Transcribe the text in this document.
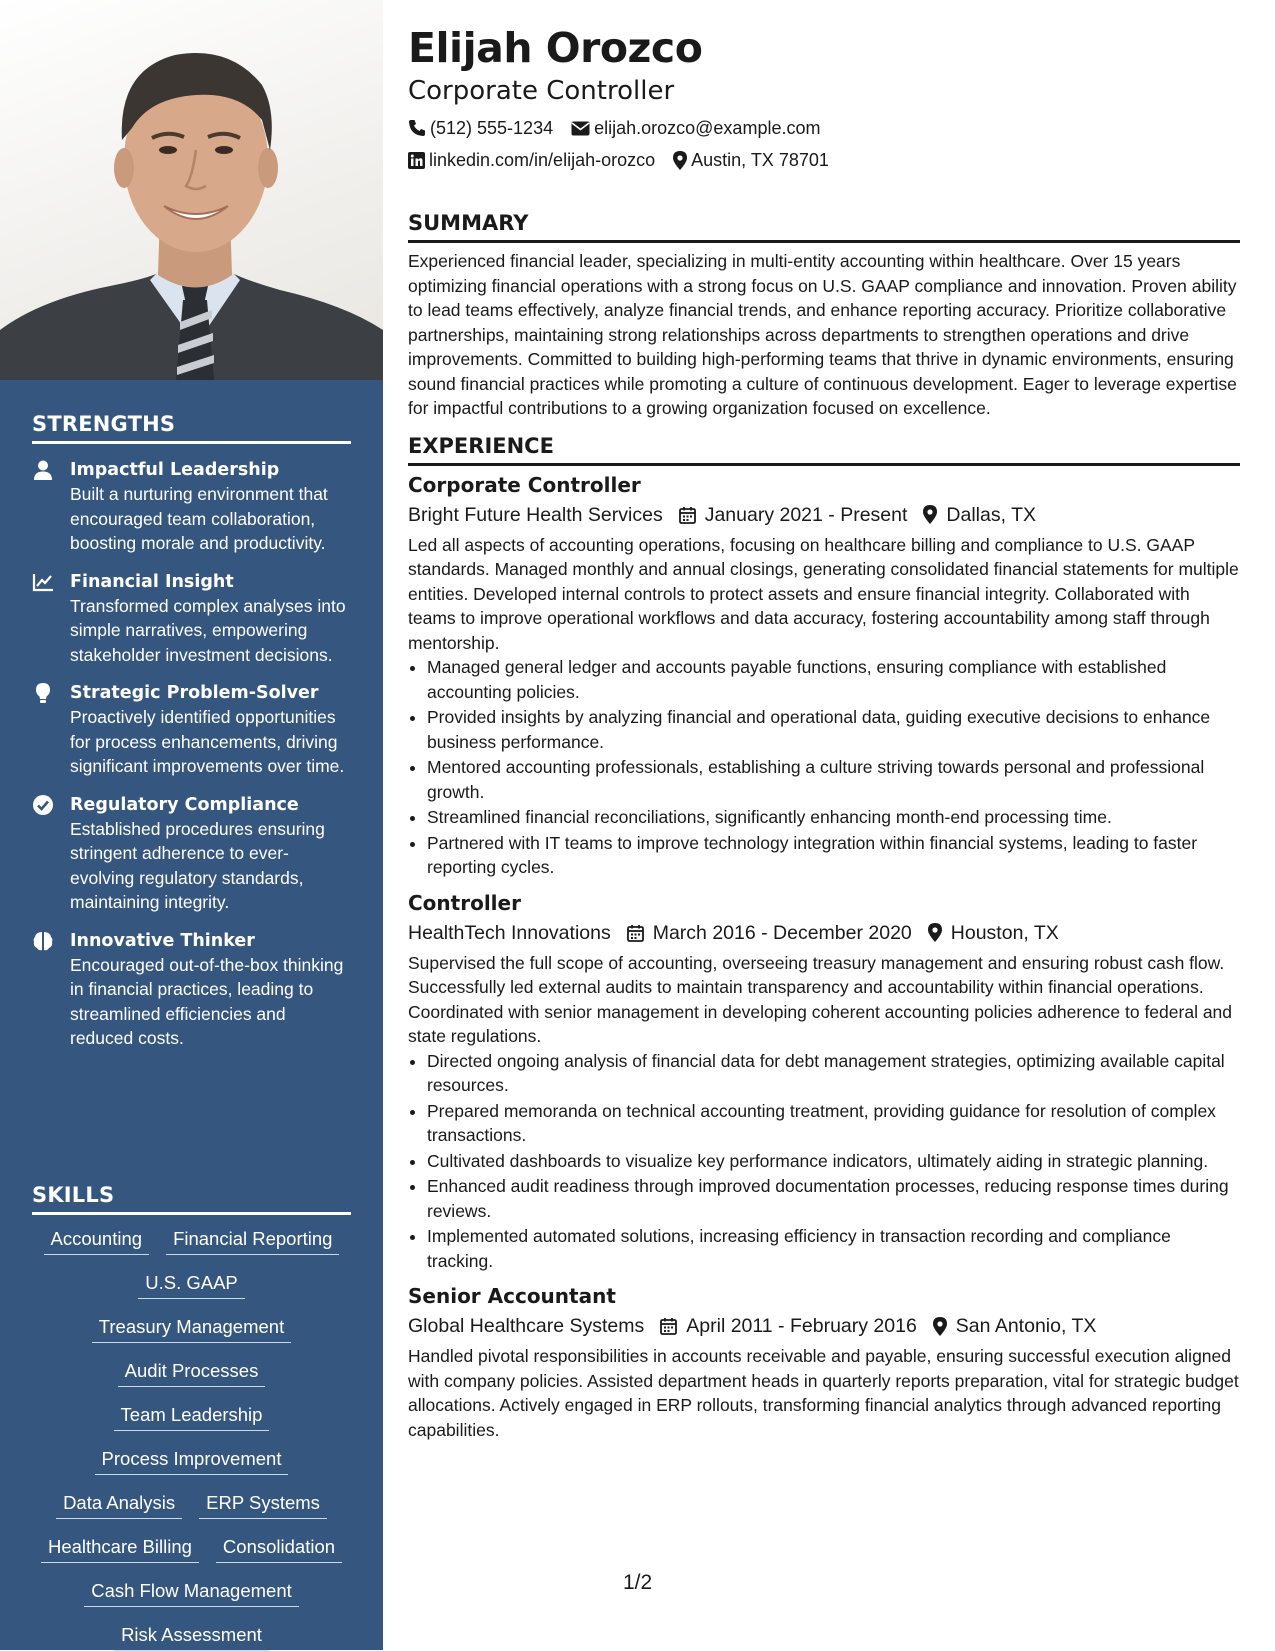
STRENGTHS
Impactful Leadership
Built a nurturing environment that encouraged team collaboration, boosting morale and productivity.
Financial Insight
Transformed complex analyses into simple narratives, empowering stakeholder investment decisions.
Strategic Problem-Solver
Proactively identified opportunities for process enhancements, driving significant improvements over time.
Regulatory Compliance
Established procedures ensuring stringent adherence to ever-evolving regulatory standards, maintaining integrity.
Innovative Thinker
Encouraged out-of-the-box thinking in financial practices, leading to streamlined efficiencies and reduced costs.
SKILLS
Accounting	Financial Reporting
U.S. GAAP
Treasury Management
Audit Processes
Team Leadership
Process Improvement
Data Analysis	ERP Systems
Healthcare Billing	Consolidation
Cash Flow Management
Risk Assessment
Elijah Orozco
Corporate Controller
(512) 555-1234 elijah.orozco@example.com
linkedin.com/in/elijah-orozco Austin, TX 78701
SUMMARY

Experienced financial leader, specializing in multi-entity accounting within healthcare. Over 15 years optimizing financial operations with a strong focus on U.S. GAAP compliance and innovation. Proven ability to lead teams effectively, analyze financial trends, and enhance reporting accuracy. Prioritize collaborative partnerships, maintaining strong relationships across departments to strengthen operations and drive improvements. Committed to building high-performing teams that thrive in dynamic environments, ensuring sound financial practices while promoting a culture of continuous development. Eager to leverage expertise for impactful contributions to a growing organization focused on excellence.

EXPERIENCE
Corporate Controller
Bright Future Health Services January 2021 - Present Dallas, TX

Led all aspects of accounting operations, focusing on healthcare billing and compliance to U.S. GAAP standards. Managed monthly and annual closings, generating consolidated financial statements for multiple entities. Developed internal controls to protect assets and ensure financial integrity. Collaborated with teams to improve operational workflows and data accuracy, fostering accountability among staff through mentorship.

• Managed general ledger and accounts payable functions, ensuring compliance with established accounting policies.
• Provided insights by analyzing financial and operational data, guiding executive decisions to enhance business performance.
• Mentored accounting professionals, establishing a culture striving towards personal and professional growth.
• Streamlined financial reconciliations, significantly enhancing month-end processing time.
• Partnered with IT teams to improve technology integration within financial systems, leading to faster reporting cycles.
Controller
HealthTech Innovations March 2016 - December 2020 Houston, TX

Supervised the full scope of accounting, overseeing treasury management and ensuring robust cash flow. Successfully led external audits to maintain transparency and accountability within financial operations. Coordinated with senior management in developing coherent accounting policies adherence to federal and state regulations.

• Directed ongoing analysis of financial data for debt management strategies, optimizing available capital resources.
• Prepared memoranda on technical accounting treatment, providing guidance for resolution of complex transactions.
• Cultivated dashboards to visualize key performance indicators, ultimately aiding in strategic planning.
• Enhanced audit readiness through improved documentation processes, reducing response times during reviews.
• Implemented automated solutions, increasing efficiency in transaction recording and compliance tracking.
Senior Accountant
Global Healthcare Systems April 2011 - February 2016 San Antonio, TX

Handled pivotal responsibilities in accounts receivable and payable, ensuring successful execution aligned with company policies. Assisted department heads in quarterly reports preparation, vital for strategic budget allocations. Actively engaged in ERP rollouts, transforming financial analytics through advanced reporting capabilities.

1/2
